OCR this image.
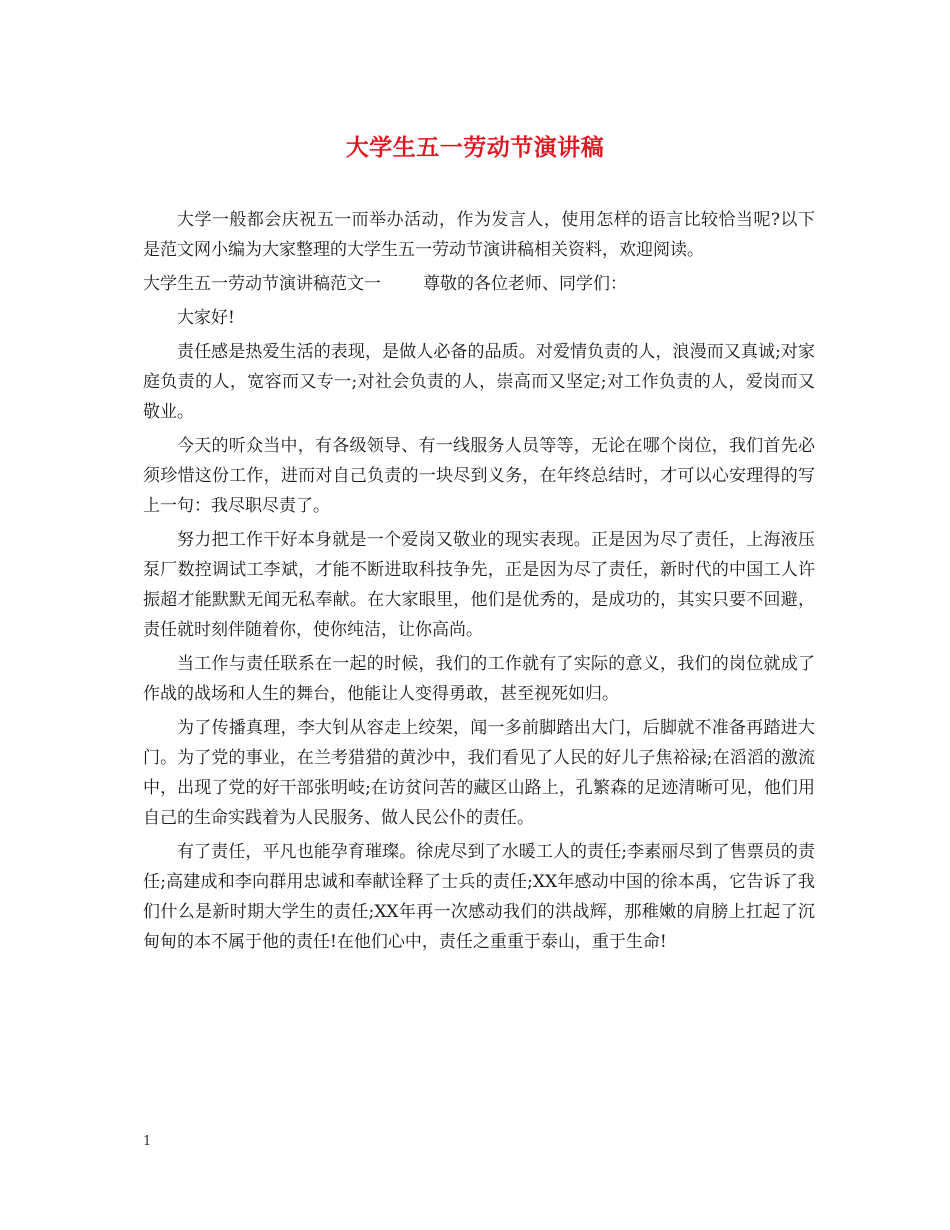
大学生五一劳动节演讲稿

大学一般都会庆祝五一而举办活动，作为发言人，使用怎样的语言比较恰当呢?以下是范文网小编为大家整理的大学生五一劳动节演讲稿相关资料，欢迎阅读。

大学生五一劳动节演讲稿范文一 尊敬的各位老师、同学们：

大家好!

责任感是热爱生活的表现，是做人必备的品质。对爱情负责的人，浪漫而又真诚;对家庭负责的人，宽容而又专一;对社会负责的人，崇高而又坚定;对工作负责的人，爱岗而又敬业。

今天的听众当中，有各级领导、有一线服务人员等等，无论在哪个岗位，我们首先必须珍惜这份工作，进而对自己负责的一块尽到义务，在年终总结时，才可以心安理得的写上一句：我尽职尽责了。

努力把工作干好本身就是一个爱岗又敬业的现实表现。正是因为尽了责任，上海液压泵厂数控调试工李斌，才能不断进取科技争先，正是因为尽了责任，新时代的中国工人许振超才能默默无闻无私奉献。在大家眼里，他们是优秀的，是成功的，其实只要不回避，责任就时刻伴随着你，使你纯洁，让你高尚。

当工作与责任联系在一起的时候，我们的工作就有了实际的意义，我们的岗位就成了作战的战场和人生的舞台，他能让人变得勇敢，甚至视死如归。

为了传播真理，李大钊从容走上绞架，闻一多前脚踏出大门，后脚就不准备再踏进大门。为了党的事业，在兰考猎猎的黄沙中，我们看见了人民的好儿子焦裕禄;在滔滔的激流中，出现了党的好干部张明岐;在访贫问苦的藏区山路上，孔繁森的足迹清晰可见，他们用自己的生命实践着为人民服务、做人民公仆的责任。

有了责任，平凡也能孕育璀璨。徐虎尽到了水暖工人的责任;李素丽尽到了售票员的责任;高建成和李向群用忠诚和奉献诠释了士兵的责任;XX年感动中国的徐本禹，它告诉了我们什么是新时期大学生的责任;XX年再一次感动我们的洪战辉，那稚嫩的肩膀上扛起了沉甸甸的本不属于他的责任!在他们心中，责任之重重于泰山，重于生命!

1
